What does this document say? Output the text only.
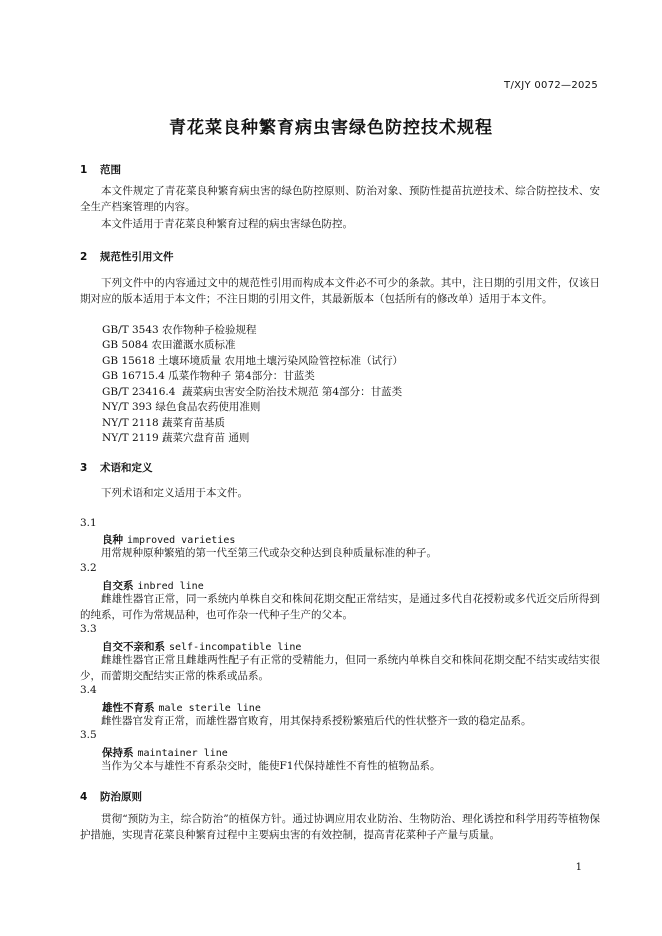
T/XJY 0072—2025
青花菜良种繁育病虫害绿色防控技术规程
1 范围
本文件规定了青花菜良种繁育病虫害的绿色防控原则、防治对象、预防性提苗抗逆技术、综合防控技术、安全生产档案管理的内容。
本文件适用于青花菜良种繁育过程的病虫害绿色防控。
2 规范性引用文件
下列文件中的内容通过文中的规范性引用而构成本文件必不可少的条款。其中，注日期的引用文件，仅该日期对应的版本适用于本文件；不注日期的引用文件，其最新版本（包括所有的修改单）适用于本文件。
GB/T 3543 农作物种子检验规程
GB 5084 农田灌溉水质标准
GB 15618 土壤环境质量 农用地土壤污染风险管控标准（试行）
GB 16715.4 瓜菜作物种子 第4部分：甘蓝类
GB/T 23416.4  蔬菜病虫害安全防治技术规范 第4部分：甘蓝类
NY/T 393 绿色食品农药使用准则
NY/T 2118 蔬菜育苗基质
NY/T 2119 蔬菜穴盘育苗 通则
3 术语和定义
下列术语和定义适用于本文件。
3.1
良种 improved varieties
用常规种原种繁殖的第一代至第三代或杂交种达到良种质量标准的种子。
3.2
自交系 inbred line
雌雄性器官正常，同一系统内单株自交和株间花期交配正常结实，是通过多代自花授粉或多代近交后所得到的纯系，可作为常规品种，也可作杂一代种子生产的父本。
3.3
自交不亲和系 self-incompatible line
雌雄性器官正常且雌雄两性配子有正常的受精能力，但同一系统内单株自交和株间花期交配不结实或结实很少，而蕾期交配结实正常的株系或品系。
3.4
雄性不育系 male sterile line
雌性器官发育正常，而雄性器官败育，用其保持系授粉繁殖后代的性状整齐一致的稳定品系。
3.5
保持系 maintainer line
当作为父本与雄性不育系杂交时，能使F1代保持雄性不育性的植物品系。
4 防治原则
贯彻“预防为主，综合防治”的植保方针。通过协调应用农业防治、生物防治、理化诱控和科学用药等植物保护措施，实现青花菜良种繁育过程中主要病虫害的有效控制，提高青花菜种子产量与质量。
1
